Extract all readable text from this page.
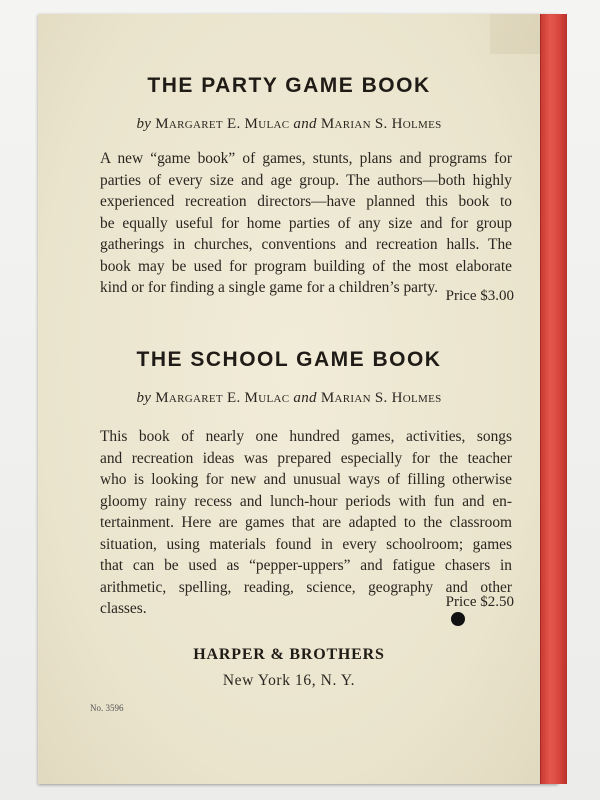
THE PARTY GAME BOOK
by Margaret E. Mulac and Marian S. Holmes
A new “game book” of games, stunts, plans and programs for
parties of every size and age group. The authors—both highly
experienced recreation directors—have planned this book to
be equally useful for home parties of any size and for group
gatherings in churches, conventions and recreation halls. The
book may be used for program building of the most elaborate
kind or for finding a single game for a children’s party. Price $3.00
THE SCHOOL GAME BOOK
by Margaret E. Mulac and Marian S. Holmes
This book of nearly one hundred games, activities, songs
and recreation ideas was prepared especially for the teacher
who is looking for new and unusual ways of filling otherwise
gloomy rainy recess and lunch-hour periods with fun and en-
tertainment. Here are games that are adapted to the classroom
situation, using materials found in every schoolroom; games
that can be used as “pepper-uppers” and fatigue chasers in
arithmetic, spelling, reading, science, geography and other
classes.	Price $2.50
HARPER & BROTHERS
New York 16, N. Y.
No. 3596
